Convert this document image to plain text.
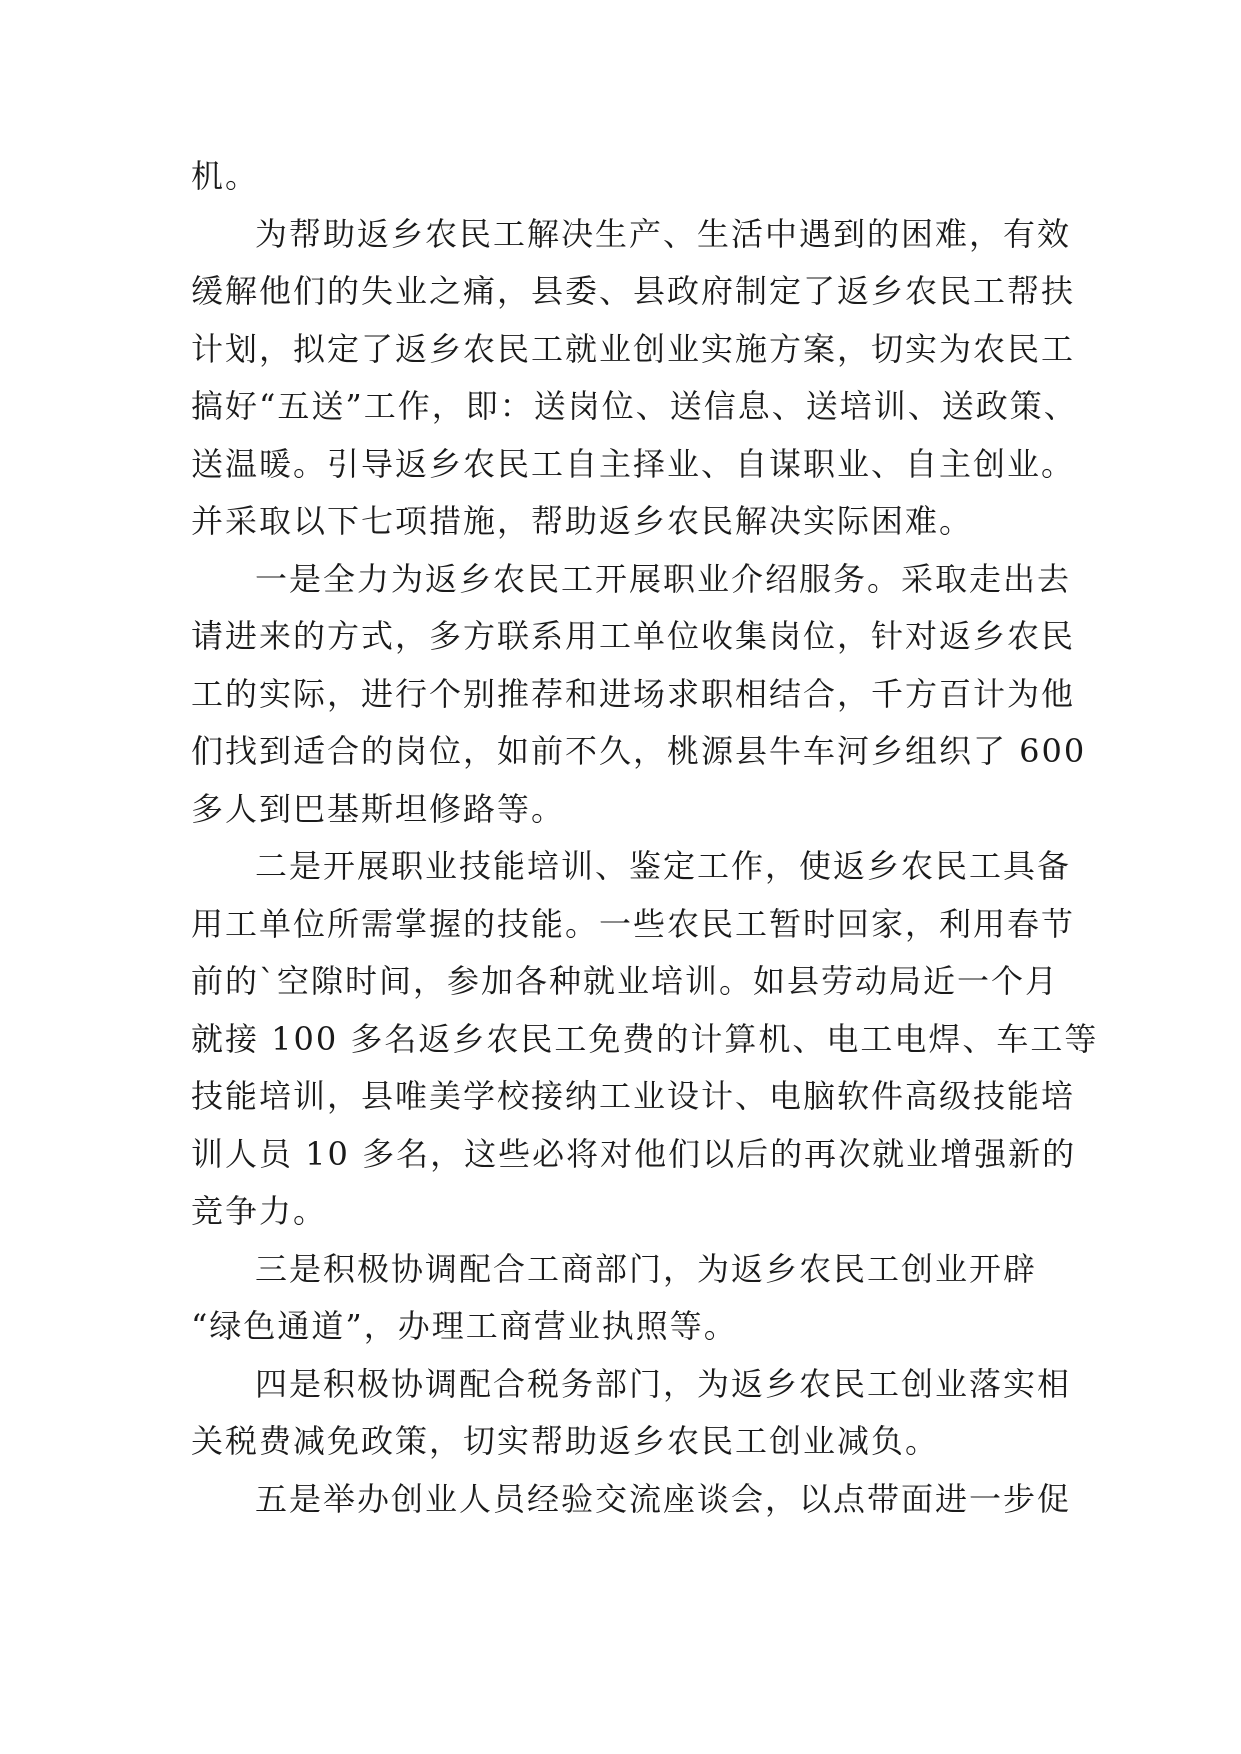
机。
为帮助返乡农民工解决生产、生活中遇到的困难，有效
缓解他们的失业之痛，县委、县政府制定了返乡农民工帮扶
计划，拟定了返乡农民工就业创业实施方案，切实为农民工
搞好“五送”工作，即：送岗位、送信息、送培训、送政策、
送温暖。引导返乡农民工自主择业、自谋职业、自主创业。
并采取以下七项措施，帮助返乡农民解决实际困难。
一是全力为返乡农民工开展职业介绍服务。采取走出去
请进来的方式，多方联系用工单位收集岗位，针对返乡农民
工的实际，进行个别推荐和进场求职相结合，千方百计为他
们找到适合的岗位，如前不久，桃源县牛车河乡组织了 600
多人到巴基斯坦修路等。
二是开展职业技能培训、鉴定工作，使返乡农民工具备
用工单位所需掌握的技能。一些农民工暂时回家，利用春节
前的`空隙时间，参加各种就业培训。如县劳动局近一个月
就接 100 多名返乡农民工免费的计算机、电工电焊、车工等
技能培训，县唯美学校接纳工业设计、电脑软件高级技能培
训人员 10 多名，这些必将对他们以后的再次就业增强新的
竞争力。
三是积极协调配合工商部门，为返乡农民工创业开辟
“绿色通道”，办理工商营业执照等。
四是积极协调配合税务部门，为返乡农民工创业落实相
关税费减免政策，切实帮助返乡农民工创业减负。
五是举办创业人员经验交流座谈会，以点带面进一步促
